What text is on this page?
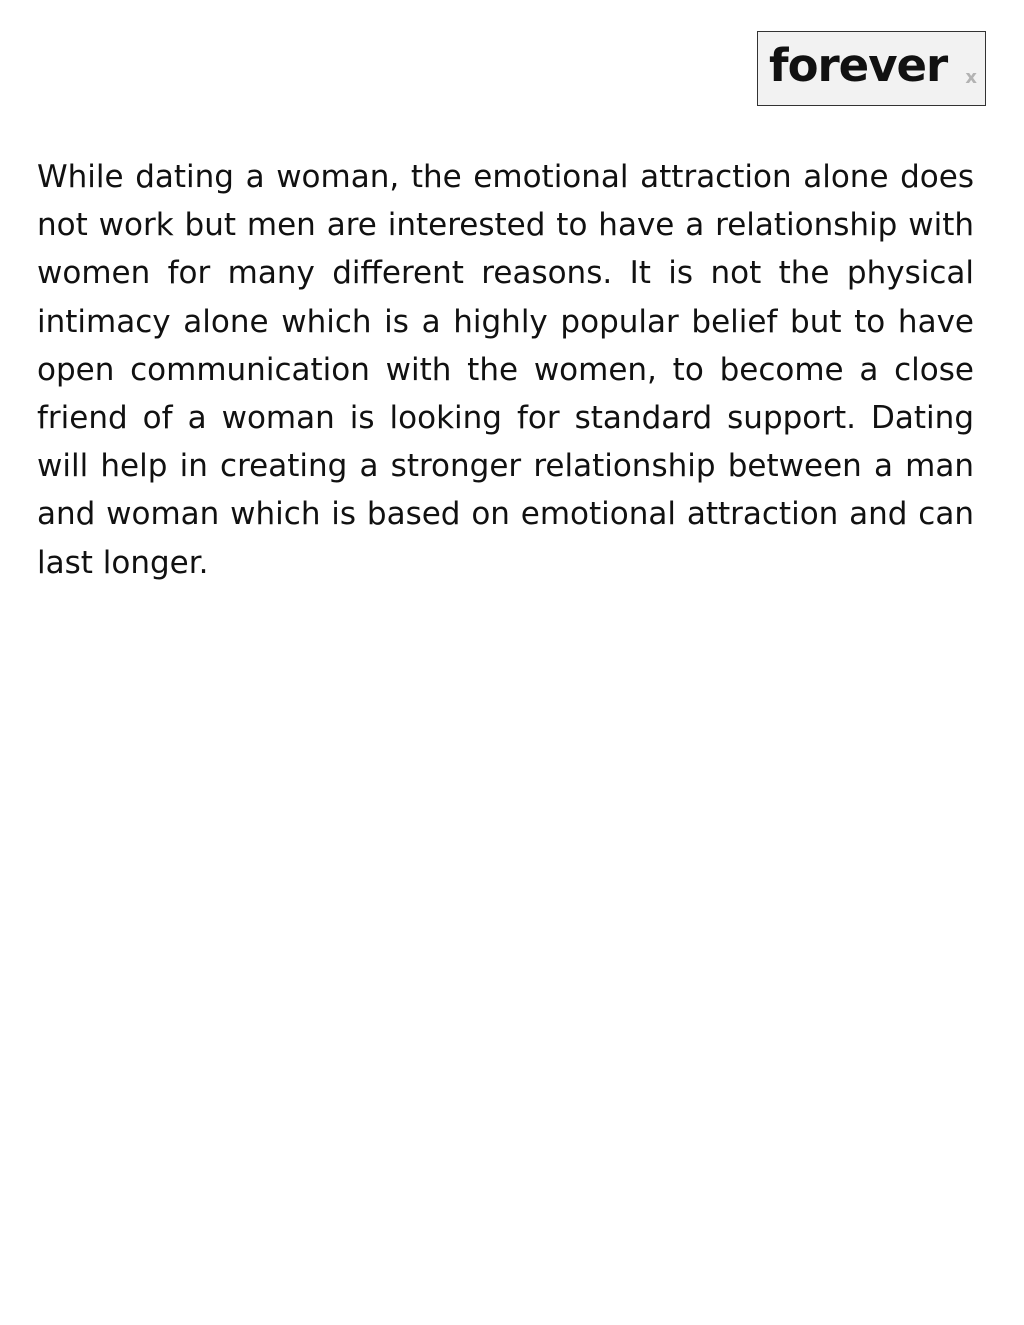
forever x

While dating a woman, the emotional attraction alone does not work but men are interested to have a relationship with women for many different reasons. It is not the physical intimacy alone which is a highly popular belief but to have open communication with the women, to become a close friend of a woman is looking for standard support. Dating will help in creating a stronger relationship between a man and woman which is based on emotional attraction and can last longer.
